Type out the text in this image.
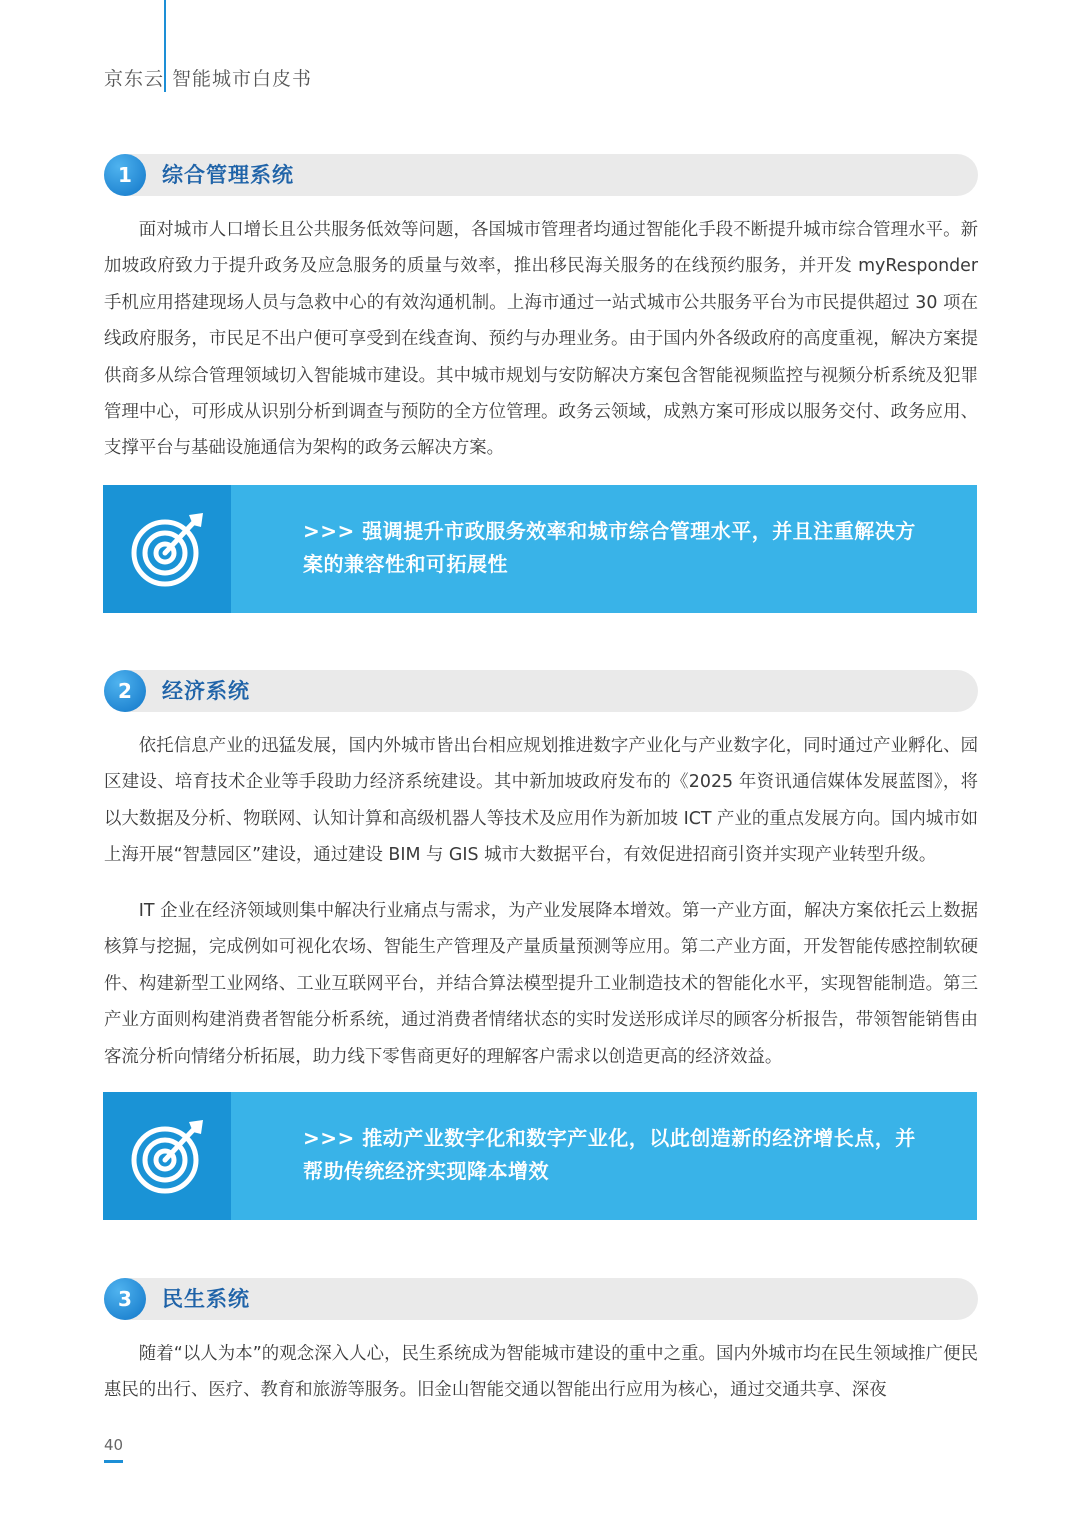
京东云 智能城市白皮书
1	综合管理系统

面对城市人口增长且公共服务低效等问题，各国城市管理者均通过智能化手段不断提升城市综合管理水平。新加坡政府致力于提升政务及应急服务的质量与效率，推出移民海关服务的在线预约服务，并开发 myResponder 手机应用搭建现场人员与急救中心的有效沟通机制。上海市通过一站式城市公共服务平台为市民提供超过 30 项在线政府服务，市民足不出户便可享受到在线查询、预约与办理业务。由于国内外各级政府的高度重视，解决方案提供商多从综合管理领域切入智能城市建设。其中城市规划与安防解决方案包含智能视频监控与视频分析系统及犯罪管理中心，可形成从识别分析到调查与预防的全方位管理。政务云领域，成熟方案可形成以服务交付、政务应用、支撑平台与基础设施通信为架构的政务云解决方案。

>>> 强调提升市政服务效率和城市综合管理水平，并且注重解决方案的兼容性和可拓展性
2	经济系统

依托信息产业的迅猛发展，国内外城市皆出台相应规划推进数字产业化与产业数字化，同时通过产业孵化、园区建设、培育技术企业等手段助力经济系统建设。其中新加坡政府发布的《2025 年资讯通信媒体发展蓝图》，将以大数据及分析、物联网、认知计算和高级机器人等技术及应用作为新加坡 ICT 产业的重点发展方向。国内城市如上海开展“智慧园区”建设，通过建设 BIM 与 GIS 城市大数据平台，有效促进招商引资并实现产业转型升级。

IT 企业在经济领域则集中解决行业痛点与需求，为产业发展降本增效。第一产业方面，解决方案依托云上数据核算与挖掘，完成例如可视化农场、智能生产管理及产量质量预测等应用。第二产业方面，开发智能传感控制软硬件、构建新型工业网络、工业互联网平台，并结合算法模型提升工业制造技术的智能化水平，实现智能制造。第三产业方面则构建消费者智能分析系统，通过消费者情绪状态的实时发送形成详尽的顾客分析报告，带领智能销售由客流分析向情绪分析拓展，助力线下零售商更好的理解客户需求以创造更高的经济效益。

>>> 推动产业数字化和数字产业化，以此创造新的经济增长点，并帮助传统经济实现降本增效
3	民生系统

随着“以人为本”的观念深入人心，民生系统成为智能城市建设的重中之重。国内外城市均在民生领域推广便民惠民的出行、医疗、教育和旅游等服务。旧金山智能交通以智能出行应用为核心，通过交通共享、深夜

40
